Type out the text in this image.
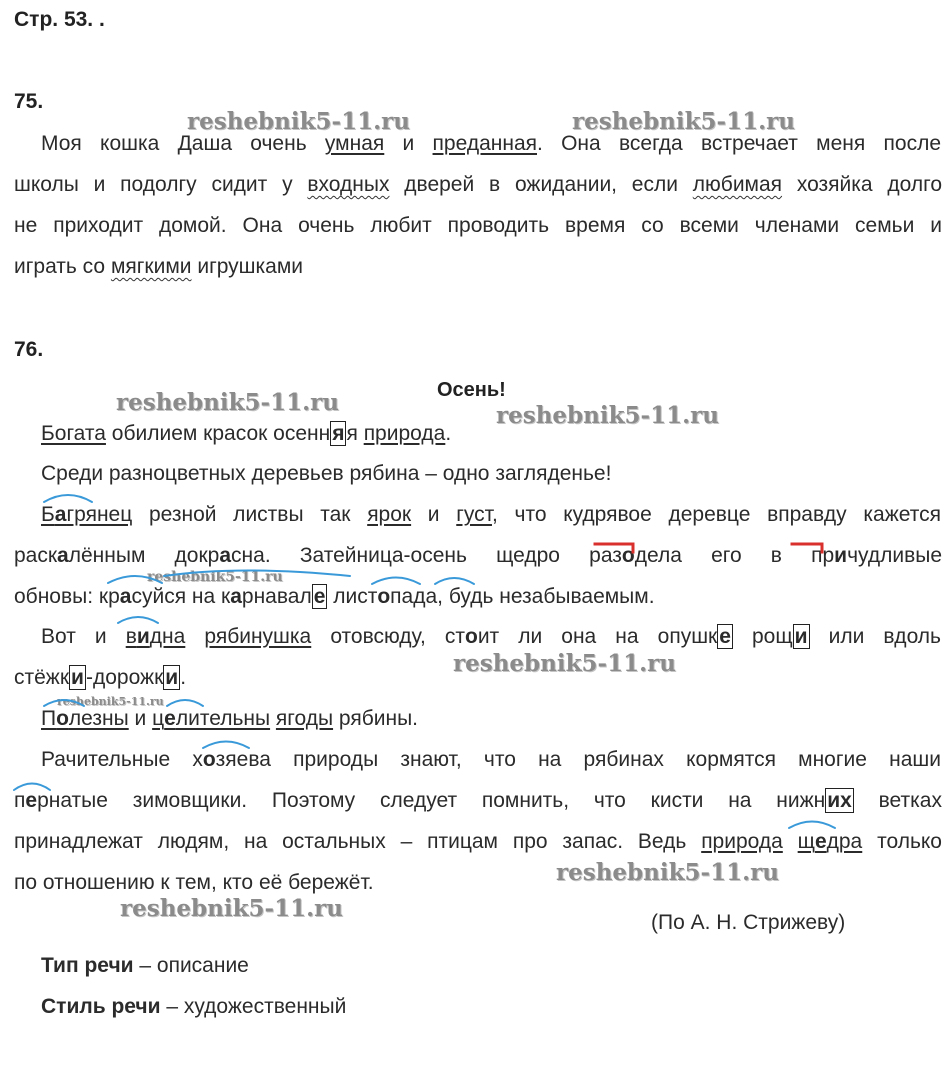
Стр. 53. .
75.
Моя кошка Даша очень умная и преданная. Она всегда встречает меня после
школы и подолгу сидит у входных дверей в ожидании, если любимая хозяйка долго
не приходит домой. Она очень любит проводить время со всеми членами семьи и
играть со мягкими игрушками
76.
Осень!
Богата обилием красок осенняя природа.
Среди разноцветных деревьев рябина – одно загляденье!
Багрянец резной листвы так ярок и густ, что кудрявое деревце вправду кажется
раскалённым докрасна. Затейница-осень щедро разодела его в причудливые
обновы: красуйся на карнавале листопада, будь незабываемым.
Вот и видна рябинушка отовсюду, стоит ли она на опушке рощи или вдоль
стёжки-дорожки.
Полезны и целительны ягоды рябины.
Рачительные хозяева природы знают, что на рябинах кормятся многие наши
пернатые зимовщики. Поэтому следует помнить, что кисти на нижних ветках
принадлежат людям, на остальных – птицам про запас. Ведь природа щедра только
по отношению к тем, кто её бережёт.
(По А. Н. Стрижеву)
Тип речи – описание
Стиль речи – художественный
reshebnik5-11.ru	reshebnik5-11.ru
reshebnik5-11.ru	reshebnik5-11.ru
reshebnik5-11.ru
reshebnik5-11.ru
reshebnik5-11.ru
reshebnik5-11.ru
reshebnik5-11.ru
